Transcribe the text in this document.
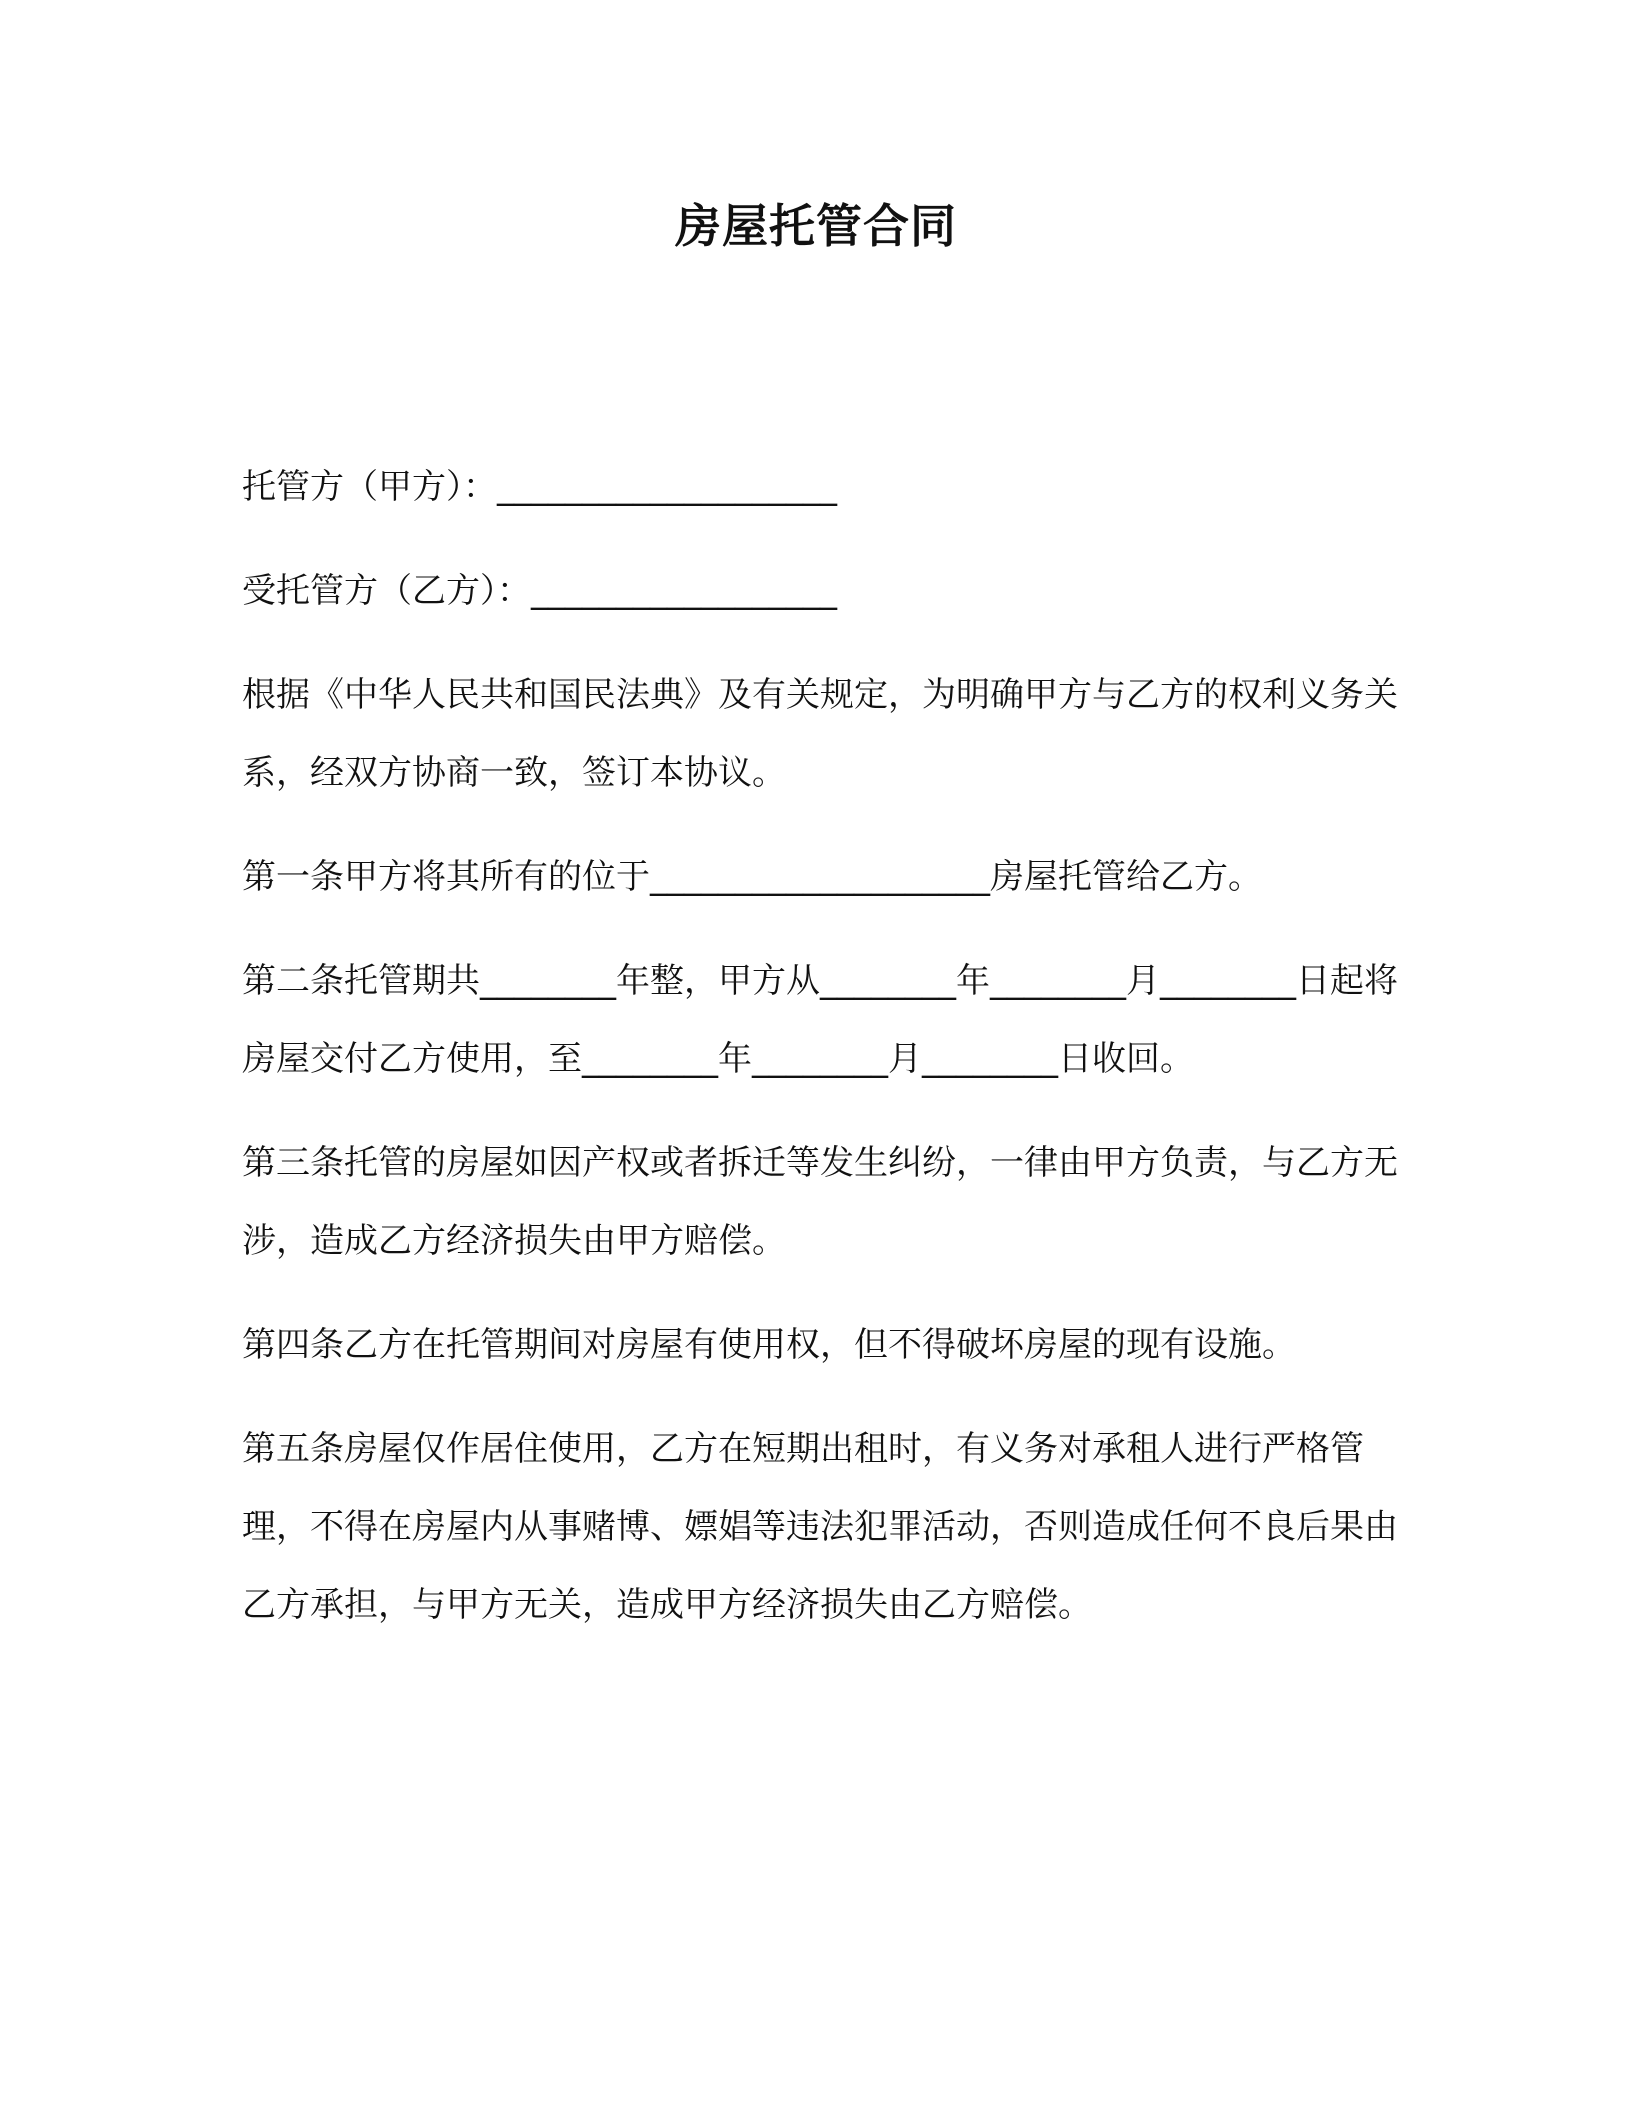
房屋托管合同

托管方（甲方）：____________________

受托管方（乙方）：__________________

根据《中华人民共和国民法典》及有关规定，为明确甲方与乙方的权利义务关系，经双方协商一致，签订本协议。

第一条甲方将其所有的位于____________________房屋托管给乙方。

第二条托管期共________年整，甲方从________年________月________日起将房屋交付乙方使用，至________年________月________日收回。

第三条托管的房屋如因产权或者拆迁等发生纠纷，一律由甲方负责，与乙方无涉，造成乙方经济损失由甲方赔偿。

第四条乙方在托管期间对房屋有使用权，但不得破坏房屋的现有设施。

第五条房屋仅作居住使用，乙方在短期出租时，有义务对承租人进行严格管理，不得在房屋内从事赌博、嫖娼等违法犯罪活动，否则造成任何不良后果由乙方承担，与甲方无关，造成甲方经济损失由乙方赔偿。
